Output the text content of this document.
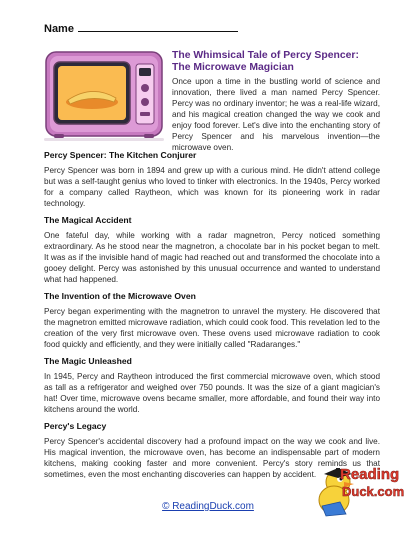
Name
The Whimsical Tale of Percy Spencer: The Microwave Magician
Once upon a time in the bustling world of science and innovation, there lived a man named Percy Spencer. Percy was no ordinary inventor; he was a real-life wizard, and his magical creation changed the way we cook and enjoy food forever. Let's dive into the enchanting story of Percy Spencer and his marvelous invention—the microwave oven.
Percy Spencer: The Kitchen Conjurer
Percy Spencer was born in 1894 and grew up with a curious mind. He didn't attend college but was a self-taught genius who loved to tinker with electronics. In the 1940s, Percy worked for a company called Raytheon, which was known for its pioneering work in radar technology.
The Magical Accident
One fateful day, while working with a radar magnetron, Percy noticed something extraordinary. As he stood near the magnetron, a chocolate bar in his pocket began to melt. It was as if the invisible hand of magic had reached out and transformed the chocolate into a gooey delight. Percy was astonished by this unusual occurrence and wanted to understand what had happened.
The Invention of the Microwave Oven
Percy began experimenting with the magnetron to unravel the mystery. He discovered that the magnetron emitted microwave radiation, which could cook food. This revelation led to the creation of the very first microwave oven. These ovens used microwave radiation to cook food quickly and efficiently, and they were initially called "Radaranges."
The Magic Unleashed
In 1945, Percy and Raytheon introduced the first commercial microwave oven, which stood as tall as a refrigerator and weighed over 750 pounds. It was the size of a giant magician's hat! Over time, microwave ovens became smaller, more affordable, and found their way into kitchens around the world.
Percy's Legacy
Percy Spencer's accidental discovery had a profound impact on the way we cook and live. His magical invention, the microwave oven, has become an indispensable part of modern kitchens, making cooking faster and more convenient. Percy's story reminds us that sometimes, even the most enchanting discoveries can happen by accident.
© ReadingDuck.com
Reading
Duck.com
